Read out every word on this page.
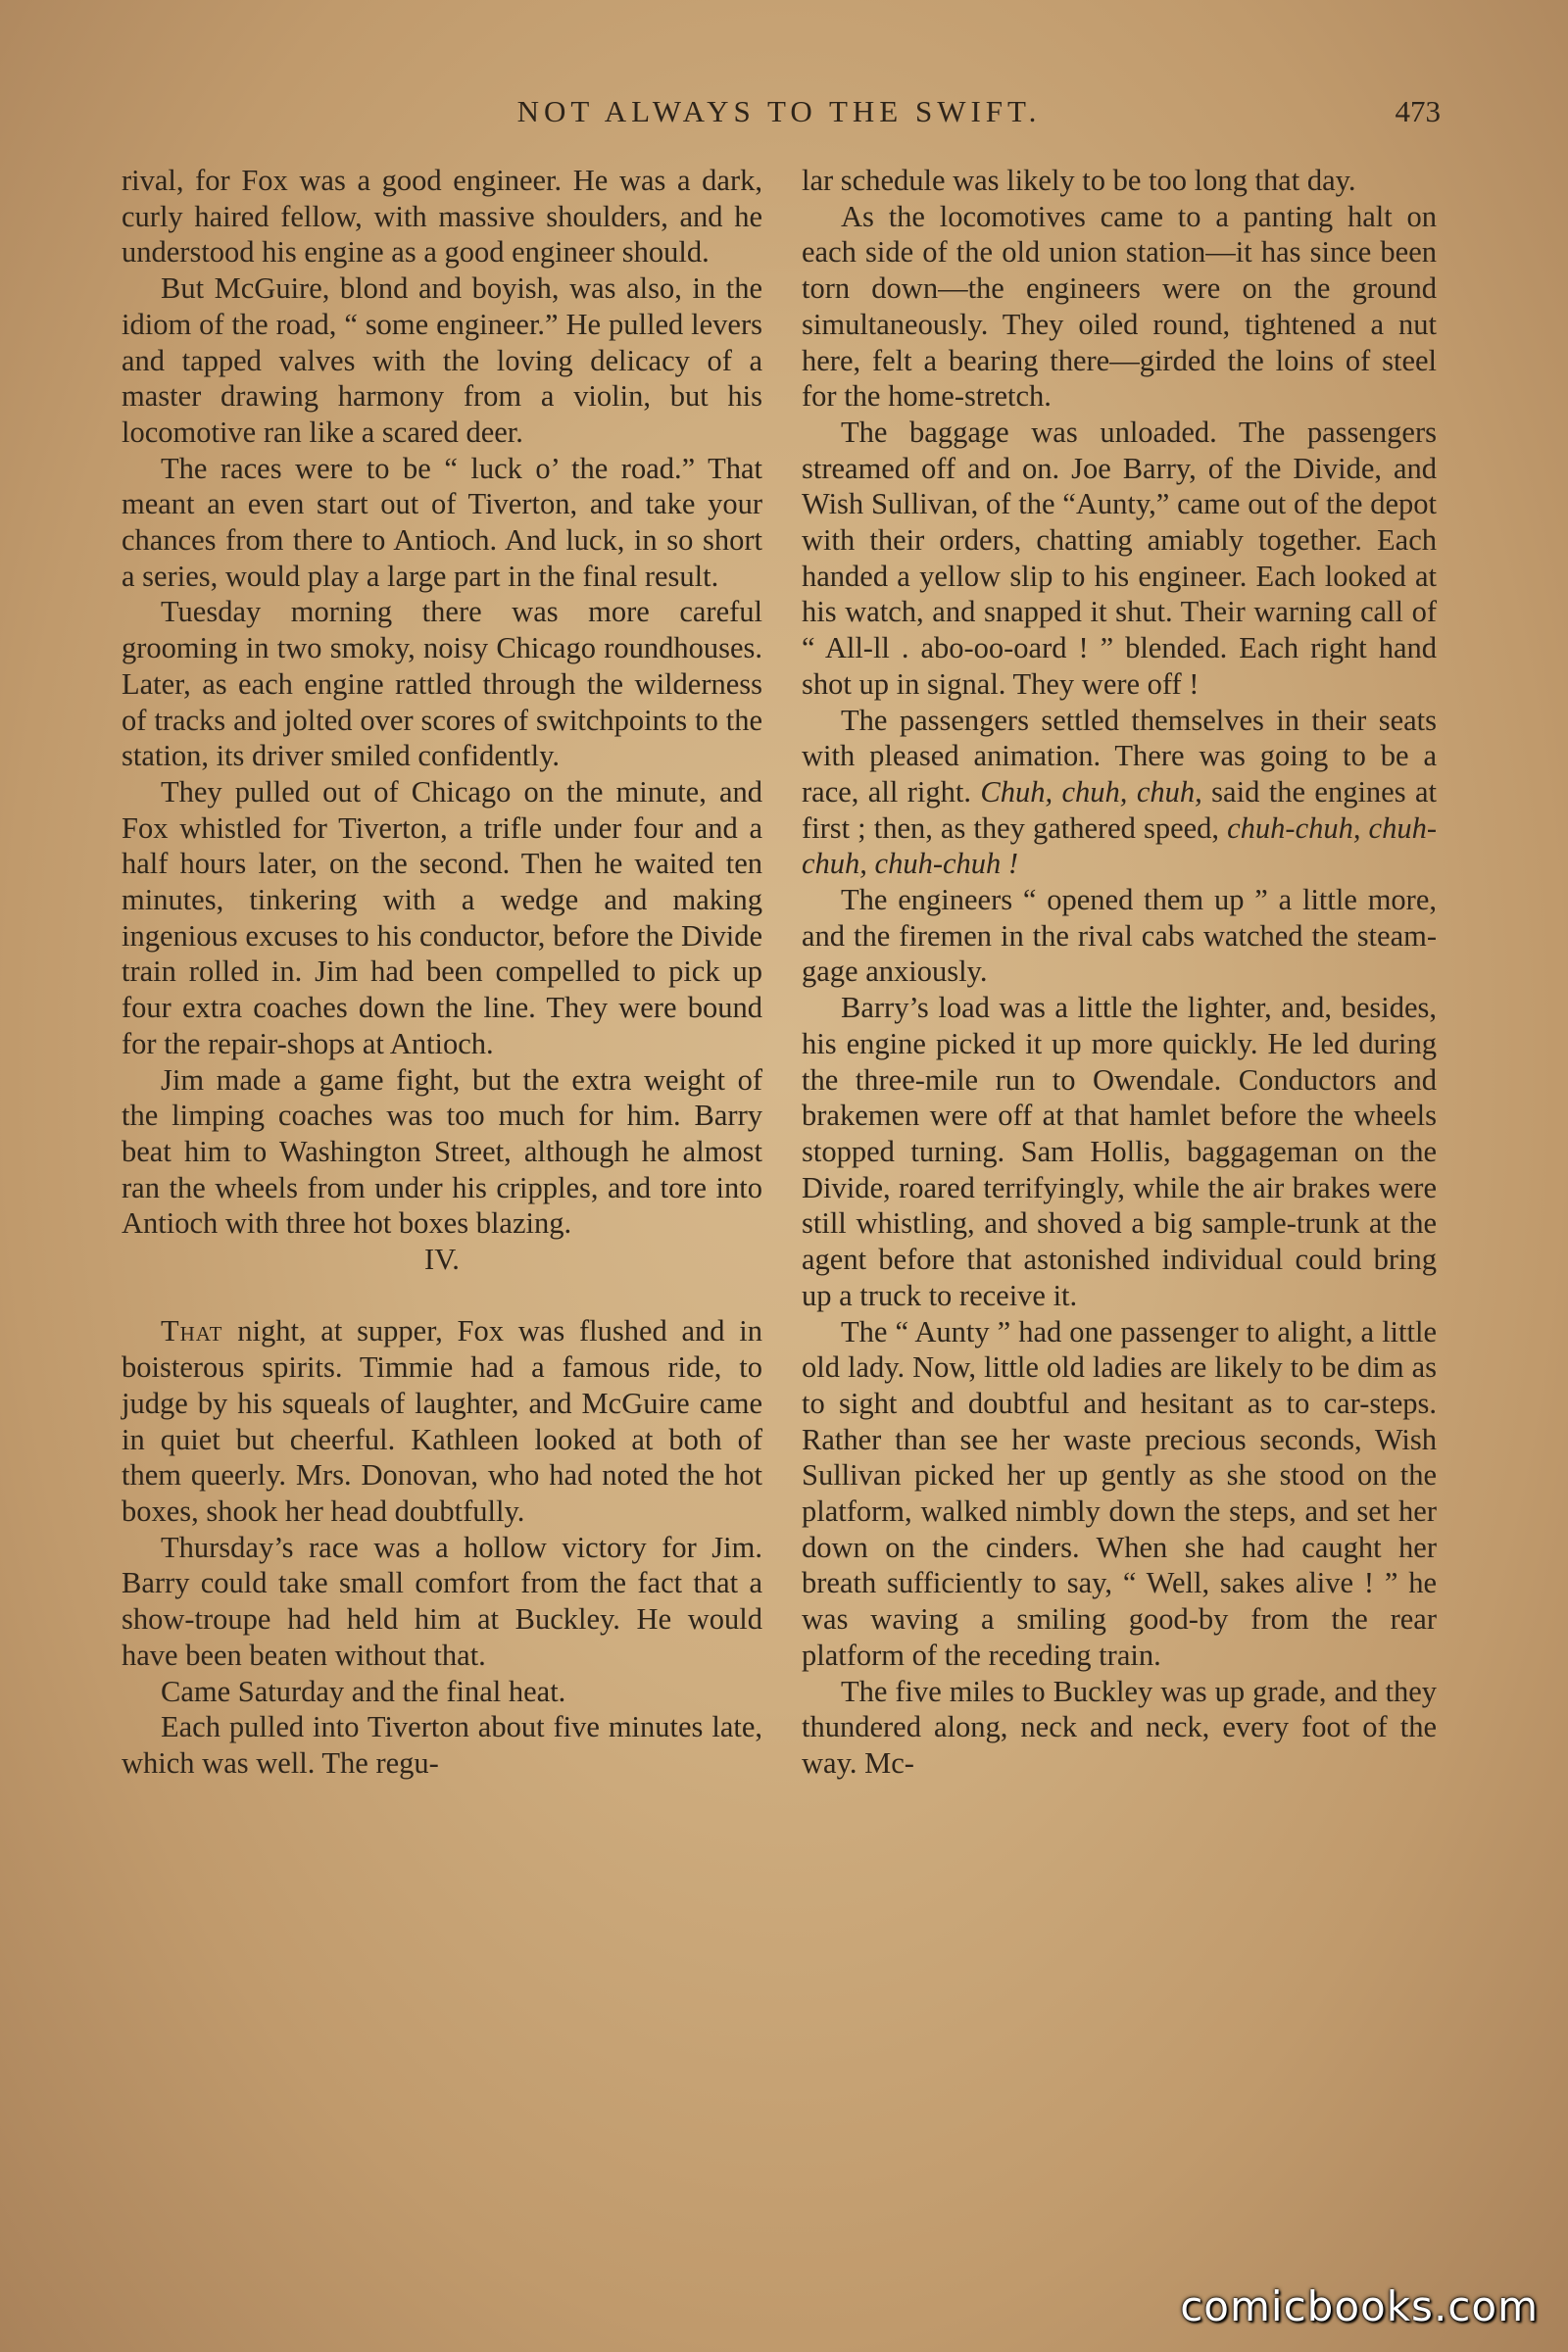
NOT ALWAYS TO THE SWIFT.	473

rival, for Fox was a good engineer. He was a dark, curly haired fellow, with massive shoulders, and he understood his engine as a good engineer should.

But McGuire, blond and boyish, was also, in the idiom of the road, “ some engineer.” He pulled levers and tapped valves with the loving delicacy of a master drawing harmony from a violin, but his locomotive ran like a scared deer.

The races were to be “ luck o’ the road.” That meant an even start out of Tiverton, and take your chances from there to Antioch. And luck, in so short a series, would play a large part in the final result.

Tuesday morning there was more careful grooming in two smoky, noisy Chicago roundhouses. Later, as each engine rattled through the wilderness of tracks and jolted over scores of switchpoints to the station, its driver smiled confidently.

They pulled out of Chicago on the minute, and Fox whistled for Tiverton, a trifle under four and a half hours later, on the second. Then he waited ten minutes, tinkering with a wedge and making ingenious excuses to his conductor, before the Divide train rolled in. Jim had been compelled to pick up four extra coaches down the line. They were bound for the repair-shops at Antioch.

Jim made a game fight, but the extra weight of the limping coaches was too much for him. Barry beat him to Washington Street, although he almost ran the wheels from under his cripples, and tore into Antioch with three hot boxes blazing.

IV.

That night, at supper, Fox was flushed and in boisterous spirits. Timmie had a famous ride, to judge by his squeals of laughter, and McGuire came in quiet but cheerful. Kathleen looked at both of them queerly. Mrs. Donovan, who had noted the hot boxes, shook her head doubtfully.

Thursday’s race was a hollow victory for Jim. Barry could take small comfort from the fact that a show-troupe had held him at Buckley. He would have been beaten without that.

Came Saturday and the final heat.

Each pulled into Tiverton about five minutes late, which was well. The regu-

lar schedule was likely to be too long that day.

As the locomotives came to a panting halt on each side of the old union station—it has since been torn down—the engineers were on the ground simultaneously. They oiled round, tightened a nut here, felt a bearing there—girded the loins of steel for the home-stretch.

The baggage was unloaded. The passengers streamed off and on. Joe Barry, of the Divide, and Wish Sullivan, of the “Aunty,” came out of the depot with their orders, chatting amiably together. Each handed a yellow slip to his engineer. Each looked at his watch, and snapped it shut. Their warning call of “ All-ll . abo-oo-oard ! ” blended. Each right hand shot up in signal. They were off !

The passengers settled themselves in their seats with pleased animation. There was going to be a race, all right. Chuh, chuh, chuh, said the engines at first ; then, as they gathered speed, chuh-chuh, chuh-chuh, chuh-chuh !

The engineers “ opened them up ” a little more, and the firemen in the rival cabs watched the steam-gage anxiously.

Barry’s load was a little the lighter, and, besides, his engine picked it up more quickly. He led during the three-mile run to Owendale. Conductors and brakemen were off at that hamlet before the wheels stopped turning. Sam Hollis, baggageman on the Divide, roared terrifyingly, while the air brakes were still whistling, and shoved a big sample-trunk at the agent before that astonished individual could bring up a truck to receive it.

The “ Aunty ” had one passenger to alight, a little old lady. Now, little old ladies are likely to be dim as to sight and doubtful and hesitant as to car-steps. Rather than see her waste precious seconds, Wish Sullivan picked her up gently as she stood on the platform, walked nimbly down the steps, and set her down on the cinders. When she had caught her breath sufficiently to say, “ Well, sakes alive ! ” he was waving a smiling good-by from the rear platform of the receding train.

The five miles to Buckley was up grade, and they thundered along, neck and neck, every foot of the way. Mc-

comicbooks.com
